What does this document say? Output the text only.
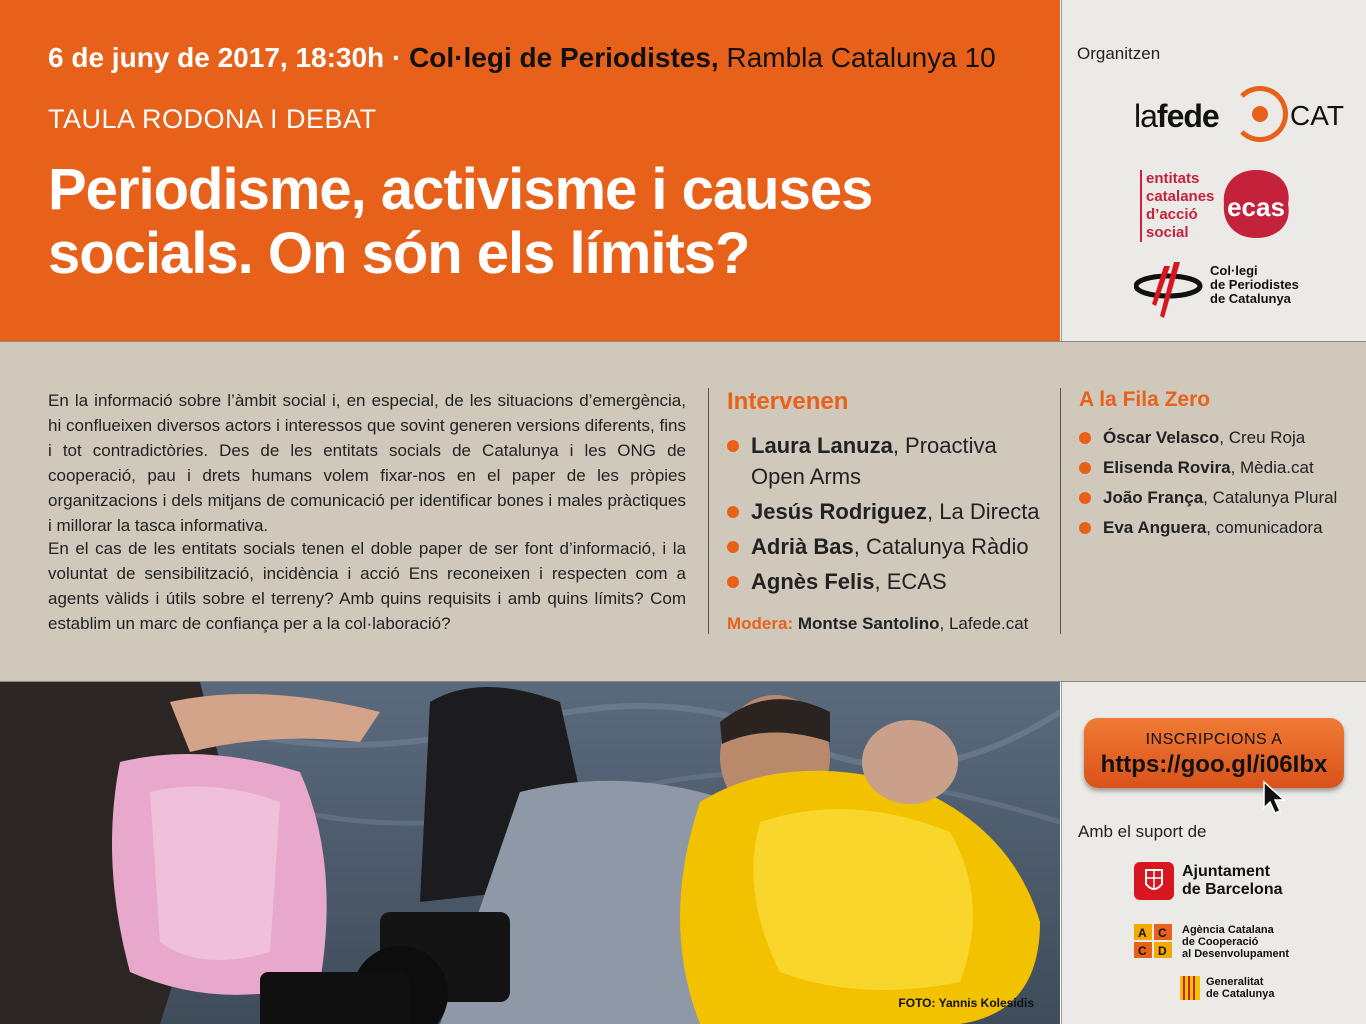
6 de juny de 2017, 18:30h · Col·legi de Periodistes, Rambla Catalunya 10
TAULA RODONA I DEBAT
Periodisme, activisme i causes
socials. On són els límits?
Organitzen
lafede	CAT
entitats
catalanes
d’acció
social
ecas
Col·legi
de Periodistes
de Catalunya

En la informació sobre l’àmbit social i, en especial, de les situacions d’emergència, hi conflueixen diversos actors i interessos que sovint generen versions diferents, fins i tot contradictòries. Des de les entitats socials de Catalunya i les ONG de cooperació, pau i drets humans volem fixar-nos en el paper de les pròpies organitzacions i dels mitjans de comunicació per identificar bones i males pràctiques i millorar la tasca informativa.

En el cas de les entitats socials tenen el doble paper de ser font d’informació, i la voluntat de sensibilització, incidència i acció Ens reconeixen i respecten com a agents vàlids i útils sobre el terreny? Amb quins requisits i amb quins límits? Com establim un marc de confiança per a la col·laboració?

Intervenen
Laura Lanuza, Proactiva Open Arms
Jesús Rodriguez, La Directa
Adrià Bas, Catalunya Ràdio
Agnès Felis, ECAS
Modera: Montse Santolino, Lafede.cat
A la Fila Zero
Óscar Velasco, Creu Roja
Elisenda Rovira, Mèdia.cat
João França, Catalunya Plural
Eva Anguera, comunicadora
FOTO: Yannis Kolesidis
INSCRIPCIONS A
https://goo.gl/i06Ibx
Amb el suport de
Ajuntament
de Barcelona
A C
C D
Agència Catalana
de Cooperació
al Desenvolupament
Generalitat
de Catalunya
